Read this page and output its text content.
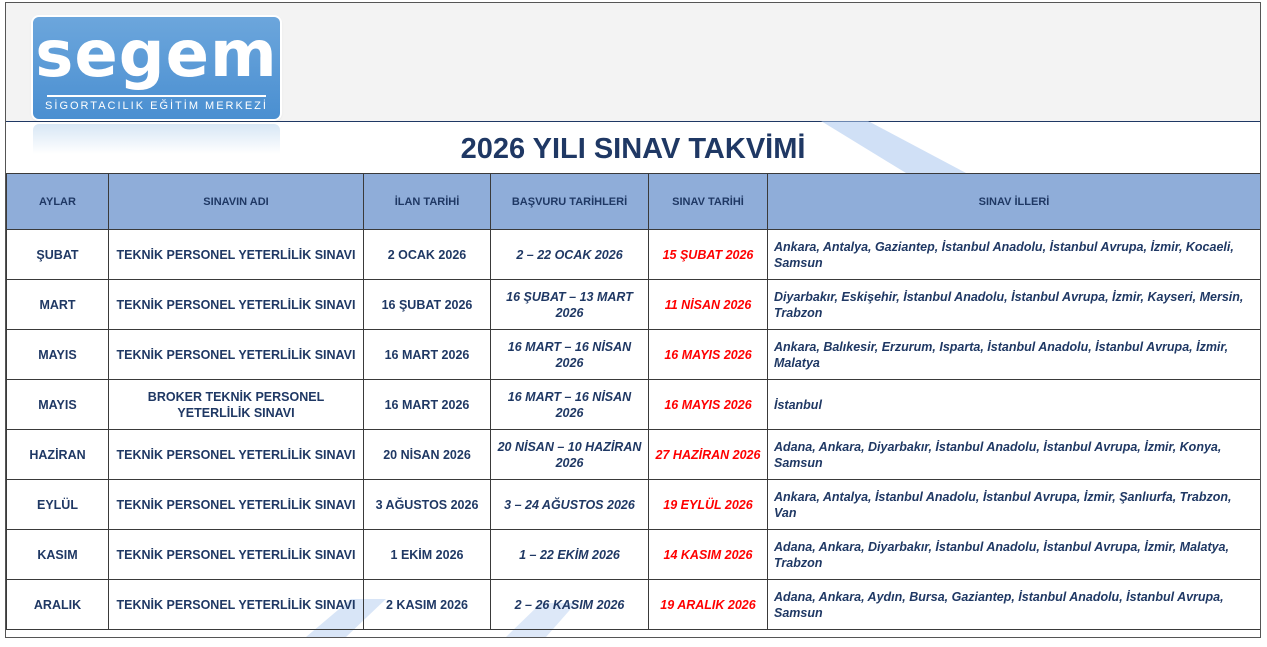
segem
SİGORTACILIK EĞİTİM MERKEZİ
2026 YILI SINAV TAKVİMİ
AYLAR	SINAVIN ADI	İLAN TARİHİ	BAŞVURU TARİHLERİ	SINAV TARİHİ	SINAV İLLERİ
ŞUBAT	TEKNİK PERSONEL YETERLİLİK SINAVI	2 OCAK 2026	2 – 22 OCAK 2026	15 ŞUBAT 2026	Ankara, Antalya, Gaziantep, İstanbul Anadolu, İstanbul Avrupa, İzmir, Kocaeli, Samsun
MART	TEKNİK PERSONEL YETERLİLİK SINAVI	16 ŞUBAT 2026	16 ŞUBAT – 13 MART 2026	11 NİSAN 2026	Diyarbakır, Eskişehir, İstanbul Anadolu, İstanbul Avrupa, İzmir, Kayseri, Mersin, Trabzon
MAYIS	TEKNİK PERSONEL YETERLİLİK SINAVI	16 MART 2026	16 MART – 16 NİSAN 2026	16 MAYIS 2026	Ankara, Balıkesir, Erzurum, Isparta, İstanbul Anadolu, İstanbul Avrupa, İzmir, Malatya
MAYIS	BROKER TEKNİK PERSONEL YETERLİLİK SINAVI	16 MART 2026	16 MART – 16 NİSAN 2026	16 MAYIS 2026	İstanbul
HAZİRAN	TEKNİK PERSONEL YETERLİLİK SINAVI	20 NİSAN 2026	20 NİSAN – 10 HAZİRAN 2026	27 HAZİRAN 2026	Adana, Ankara, Diyarbakır, İstanbul Anadolu, İstanbul Avrupa, İzmir, Konya, Samsun
EYLÜL	TEKNİK PERSONEL YETERLİLİK SINAVI	3 AĞUSTOS 2026	3 – 24 AĞUSTOS 2026	19 EYLÜL 2026	Ankara, Antalya, İstanbul Anadolu, İstanbul Avrupa, İzmir, Şanlıurfa, Trabzon, Van
KASIM	TEKNİK PERSONEL YETERLİLİK SINAVI	1 EKİM 2026	1 – 22 EKİM 2026	14 KASIM 2026	Adana, Ankara, Diyarbakır, İstanbul Anadolu, İstanbul Avrupa, İzmir, Malatya, Trabzon
ARALIK	TEKNİK PERSONEL YETERLİLİK SINAVI	2 KASIM 2026	2 – 26 KASIM 2026	19 ARALIK 2026	Adana, Ankara, Aydın, Bursa, Gaziantep, İstanbul Anadolu, İstanbul Avrupa, Samsun
